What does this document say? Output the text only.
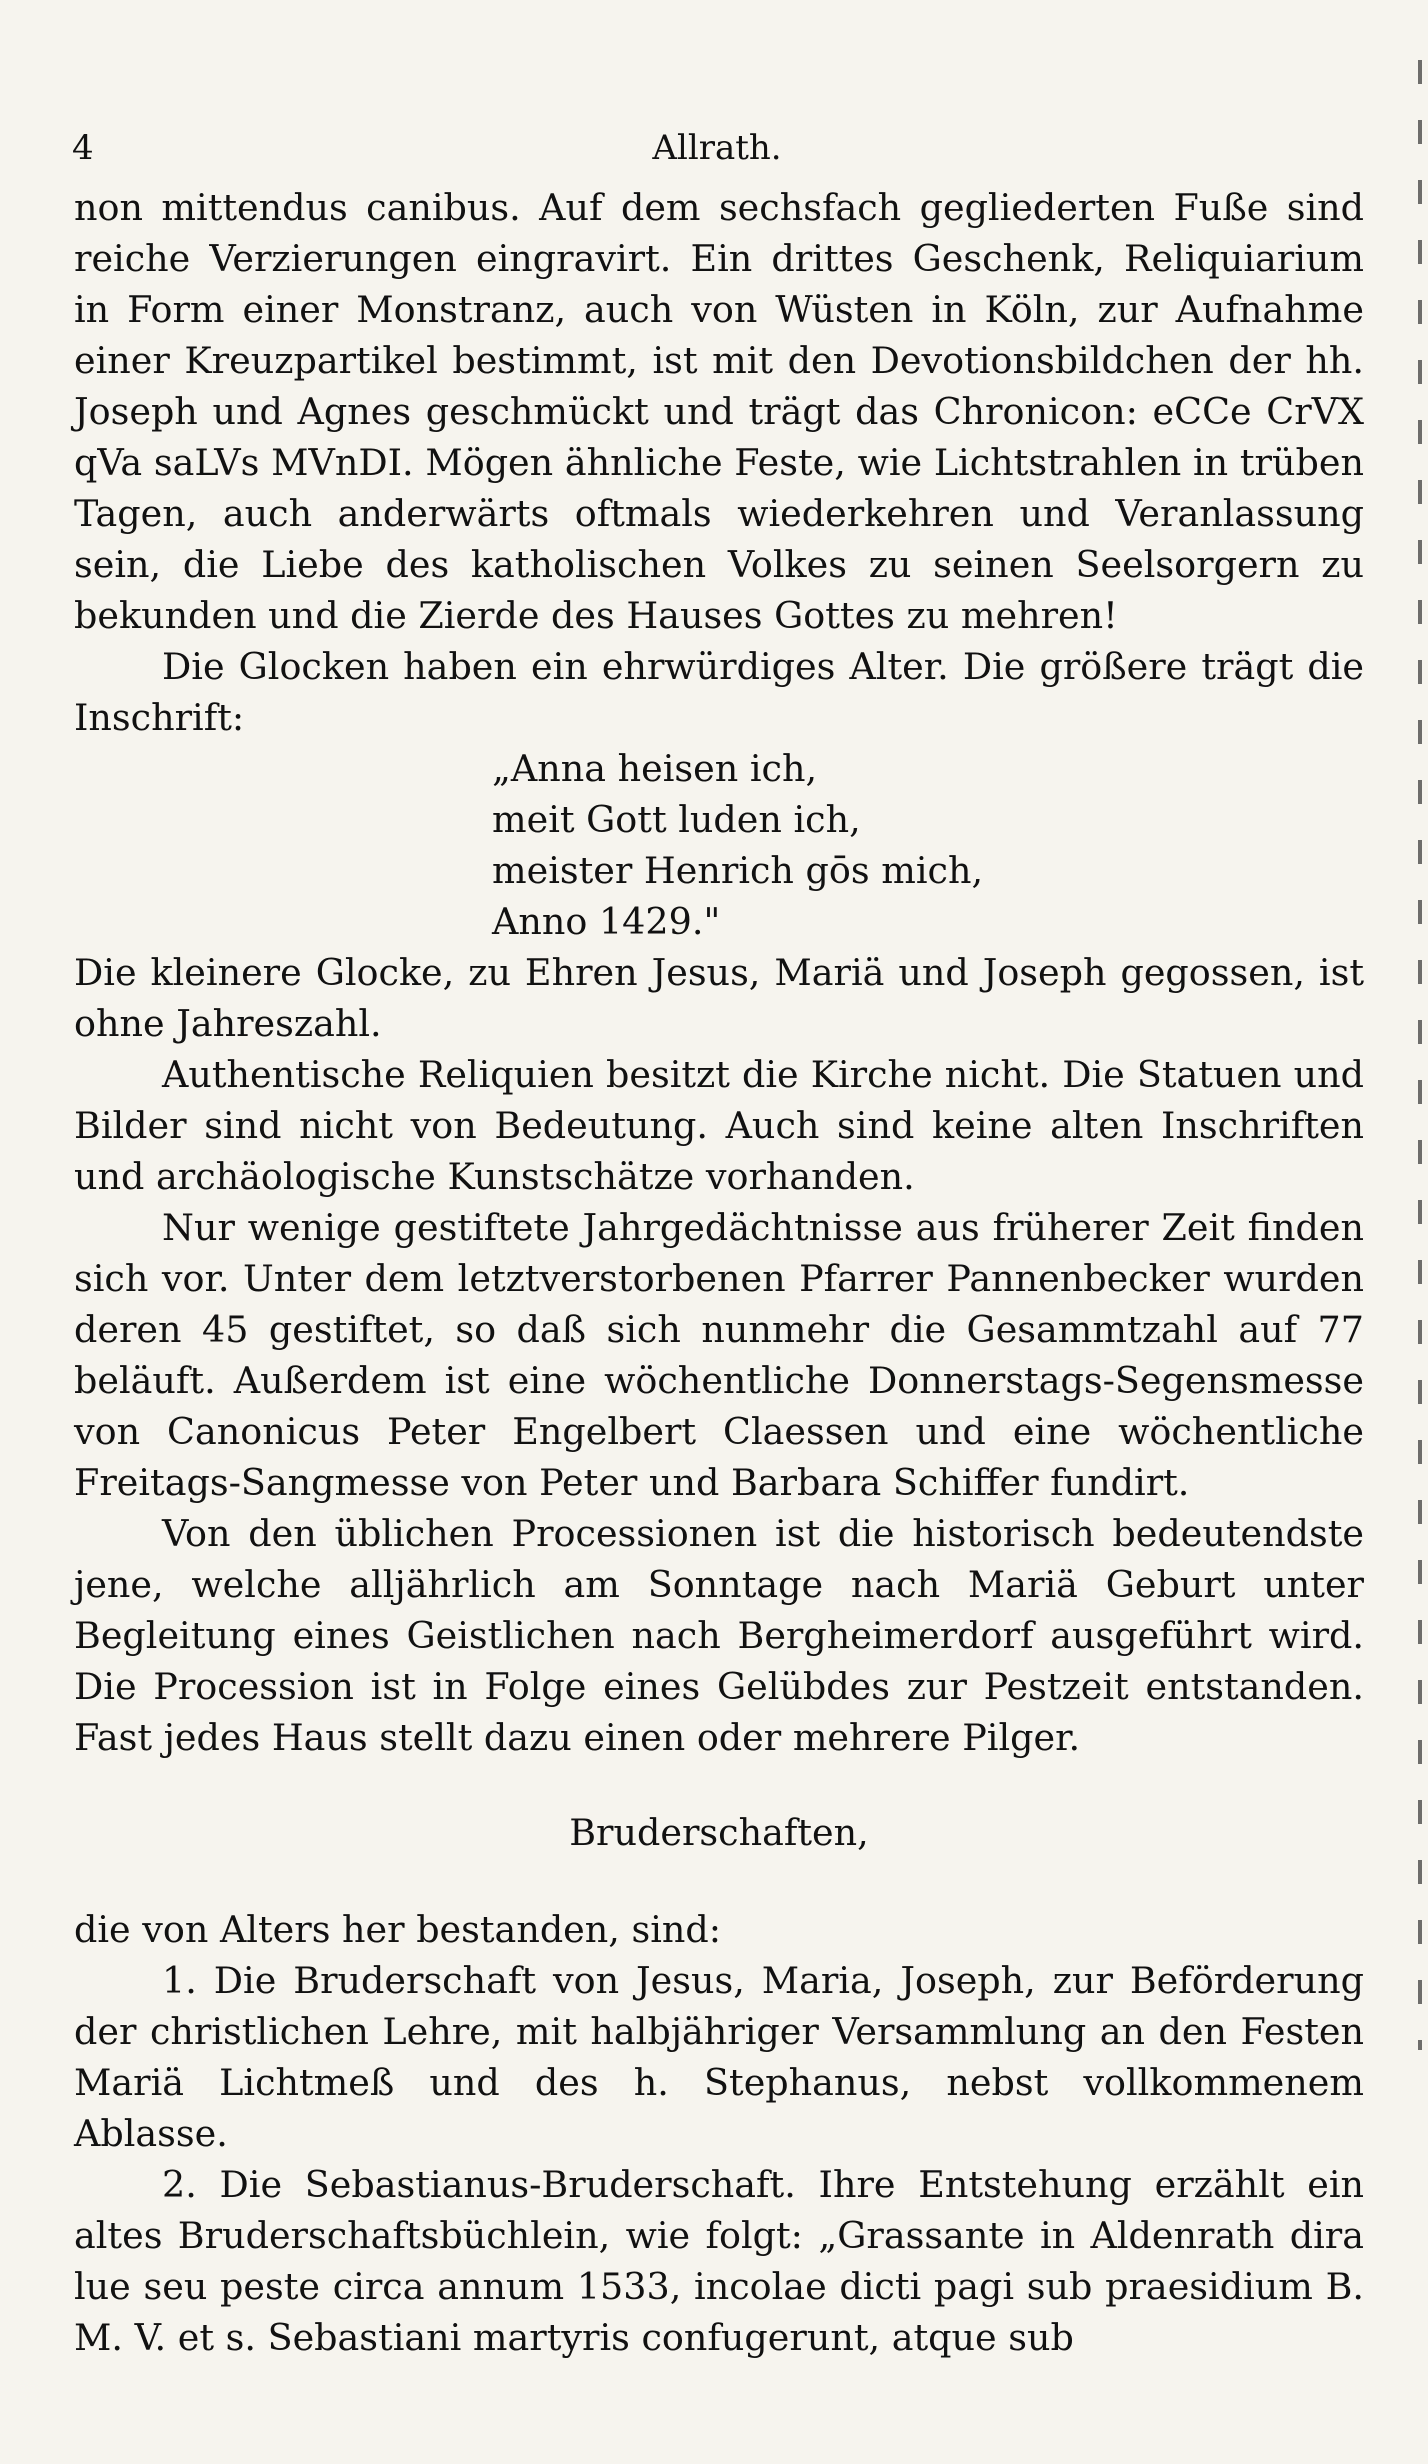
4	Allrath.

non mittendus canibus. Auf dem sechsfach gegliederten Fuße sind reiche Verzierungen eingravirt. Ein drittes Geschenk, Reliquiarium in Form einer Monstranz, auch von Wüsten in Köln, zur Aufnahme einer Kreuzpartikel bestimmt, ist mit den Devotionsbildchen der hh. Joseph und Agnes geschmückt und trägt das Chronicon: eCCe CrVX qVa saLVs MVnDI. Mögen ähnliche Feste, wie Lichtstrahlen in trüben Tagen, auch anderwärts oftmals wiederkehren und Veranlassung sein, die Liebe des katholischen Volkes zu seinen Seelsorgern zu bekunden und die Zierde des Hauses Gottes zu mehren!

Die Glocken haben ein ehrwürdiges Alter. Die größere trägt die Inschrift:

„Anna heisen ich,
meit Gott luden ich,
meister Henrich gōs mich,
Anno 1429."

Die kleinere Glocke, zu Ehren Jesus, Mariä und Joseph gegossen, ist ohne Jahreszahl.

Authentische Reliquien besitzt die Kirche nicht. Die Statuen und Bilder sind nicht von Bedeutung. Auch sind keine alten Inschriften und archäologische Kunstschätze vorhanden.

Nur wenige gestiftete Jahrgedächtnisse aus früherer Zeit finden sich vor. Unter dem letztverstorbenen Pfarrer Pannenbecker wurden deren 45 gestiftet, so daß sich nunmehr die Gesammtzahl auf 77 beläuft. Außerdem ist eine wöchentliche Donnerstags-Segensmesse von Canonicus Peter Engelbert Claessen und eine wöchentliche Freitags-Sangmesse von Peter und Barbara Schiffer fundirt.

Von den üblichen Processionen ist die historisch bedeutendste jene, welche alljährlich am Sonntage nach Mariä Geburt unter Begleitung eines Geistlichen nach Bergheimerdorf ausgeführt wird. Die Procession ist in Folge eines Gelübdes zur Pestzeit entstanden. Fast jedes Haus stellt dazu einen oder mehrere Pilger.

Bruderschaften,

die von Alters her bestanden, sind:

1. Die Bruderschaft von Jesus, Maria, Joseph, zur Beförderung der christlichen Lehre, mit halbjähriger Versammlung an den Festen Mariä Lichtmeß und des h. Stephanus, nebst vollkommenem Ablasse.

2. Die Sebastianus-Bruderschaft. Ihre Entstehung erzählt ein altes Bruderschaftsbüchlein, wie folgt: „Grassante in Aldenrath dira lue seu peste circa annum 1533, incolae dicti pagi sub praesidium B. M. V. et s. Sebastiani martyris confugerunt, atque sub
